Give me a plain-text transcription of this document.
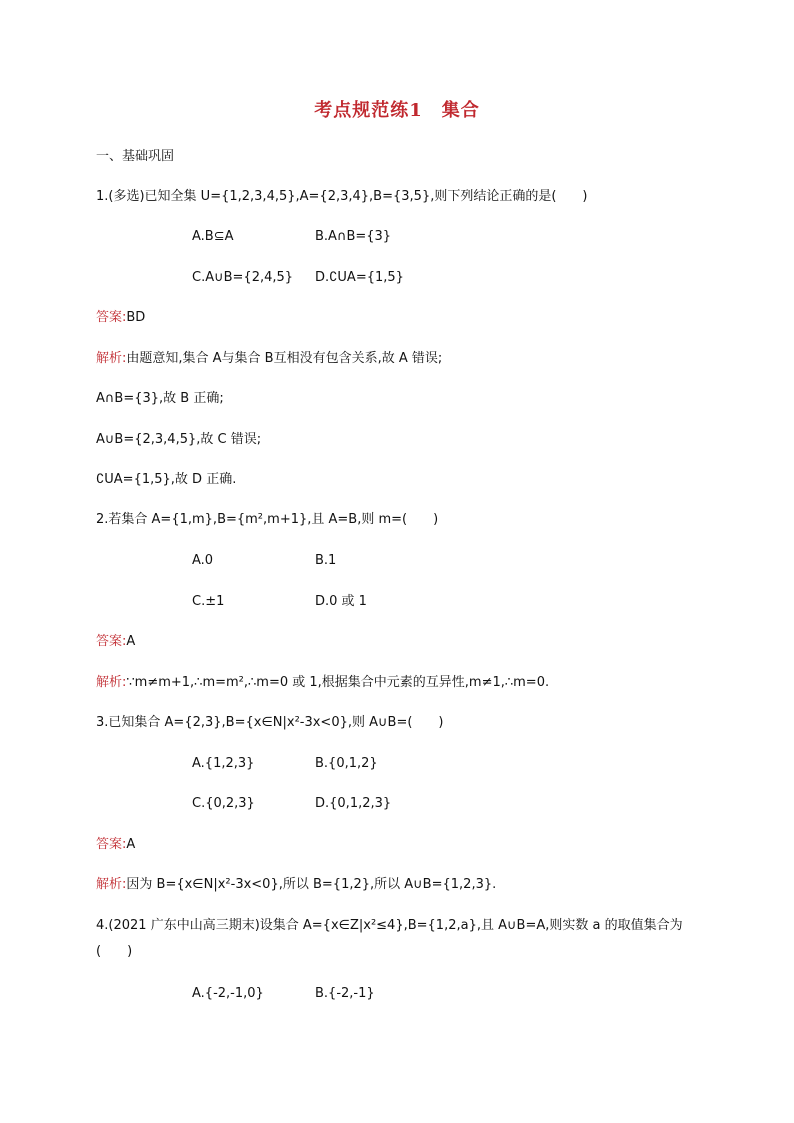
考点规范练1　集合
一、基础巩固
1.(多选)已知全集 U={1,2,3,4,5},A={2,3,4},B={3,5},则下列结论正确的是(　　)
A.B⊆A	B.A∩B={3}
C.A∪B={2,4,5} D.∁UA={1,5}
答案:BD
解析:由题意知,集合 A与集合 B互相没有包含关系,故 A 错误;
A∩B={3},故 B 正确;
A∪B={2,3,4,5},故 C 错误;
∁UA={1,5},故 D 正确.
2.若集合 A={1,m},B={m²,m+1},且 A=B,则 m=(　　)
A.0	B.1
C.±1	D.0 或 1
答案:A
解析:∵m≠m+1,∴m=m²,∴m=0 或 1,根据集合中元素的互异性,m≠1,∴m=0.
3.已知集合 A={2,3},B={x∈N|x²-3x<0},则 A∪B=(　　)
A.{1,2,3}	B.{0,1,2}
C.{0,2,3}	D.{0,1,2,3}
答案:A
解析:因为 B={x∈N|x²-3x<0},所以 B={1,2},所以 A∪B={1,2,3}.
4.(2021 广东中山高三期末)设集合 A={x∈Z|x²≤4},B={1,2,a},且 A∪B=A,则实数 a 的取值集合为
(　　)
A.{-2,-1,0}	B.{-2,-1}
